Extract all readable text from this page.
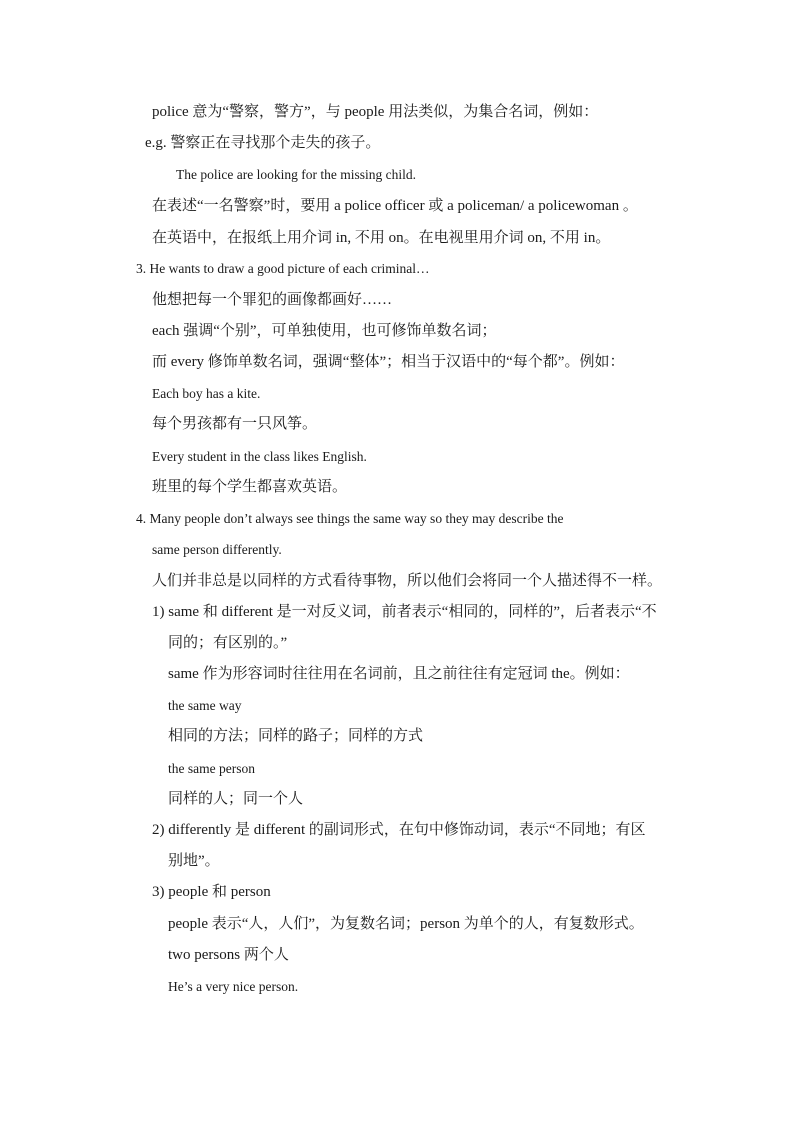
police 意为“警察，警方”，与 people 用法类似，为集合名词，例如：
e.g. 警察正在寻找那个走失的孩子。
The police are looking for the missing child.
在表述“一名警察”时，要用 a police officer 或 a policeman/ a policewoman 。
在英语中，在报纸上用介词 in, 不用 on。在电视里用介词 on, 不用 in。
3. He wants to draw a good picture of each criminal…
他想把每一个罪犯的画像都画好……
each 强调“个别”，可单独使用，也可修饰单数名词；
而 every 修饰单数名词，强调“整体”；相当于汉语中的“每个都”。例如：
Each boy has a kite.
每个男孩都有一只风筝。
Every student in the class likes English.
班里的每个学生都喜欢英语。
4. Many people don’t always see things the same way so they may describe the
same person differently.
人们并非总是以同样的方式看待事物，所以他们会将同一个人描述得不一样。
1) same 和 different 是一对反义词，前者表示“相同的，同样的”，后者表示“不
同的；有区别的。”
same 作为形容词时往往用在名词前，且之前往往有定冠词 the。例如：
the same way
相同的方法；同样的路子；同样的方式
the same person
同样的人；同一个人
2) differently 是 different 的副词形式，在句中修饰动词，表示“不同地；有区
别地”。
3) people 和 person
people 表示“人，人们”，为复数名词；person 为单个的人，有复数形式。
two persons 两个人
He’s a very nice person.
